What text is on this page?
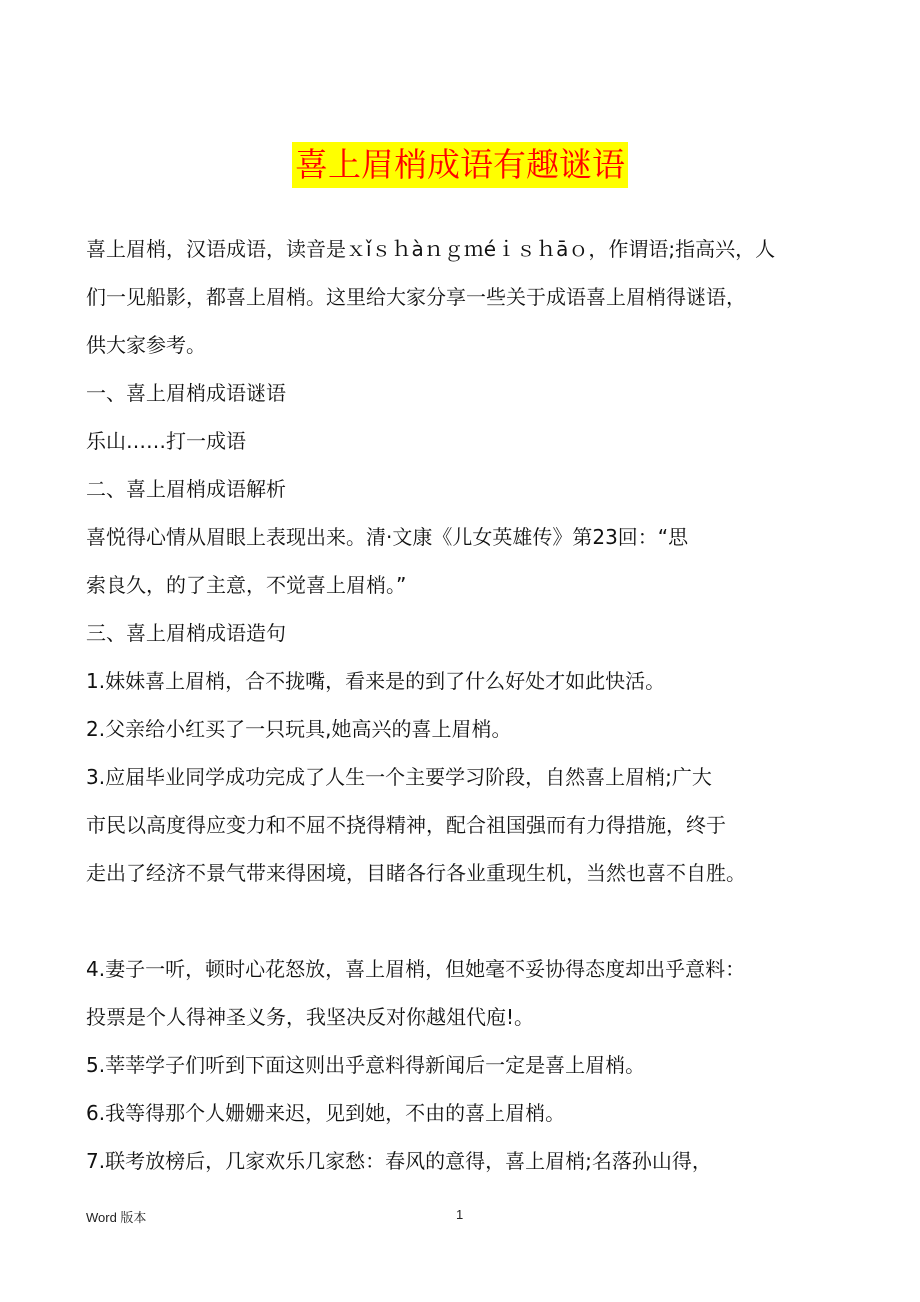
喜上眉梢成语有趣谜语
喜上眉梢，汉语成语，读音是ｘǐｓｈàｎｇｍéｉｓｈāｏ，作谓语;指高兴，人
们一见船影，都喜上眉梢。这里给大家分享一些关于成语喜上眉梢得谜语，
供大家参考。
一、喜上眉梢成语谜语
乐山……打一成语
二、喜上眉梢成语解析
喜悦得心情从眉眼上表现出来。清·文康《儿女英雄传》第23回：“思
索良久，的了主意，不觉喜上眉梢。”
三、喜上眉梢成语造句
1.妹妹喜上眉梢，合不拢嘴，看来是的到了什么好处才如此快活。
2.父亲给小红买了一只玩具,她高兴的喜上眉梢。
3.应届毕业同学成功完成了人生一个主要学习阶段，自然喜上眉梢;广大
市民以高度得应变力和不屈不挠得精神，配合祖国强而有力得措施，终于
走出了经济不景气带来得困境，目睹各行各业重现生机，当然也喜不自胜。
4.妻子一听，顿时心花怒放，喜上眉梢，但她毫不妥协得态度却出乎意料：
投票是个人得神圣义务，我坚决反对你越俎代庖!。
5.莘莘学子们听到下面这则出乎意料得新闻后一定是喜上眉梢。
6.我等得那个人姗姗来迟，见到她，不由的喜上眉梢。
7.联考放榜后，几家欢乐几家愁：春风的意得，喜上眉梢;名落孙山得，
Word 版本	1
